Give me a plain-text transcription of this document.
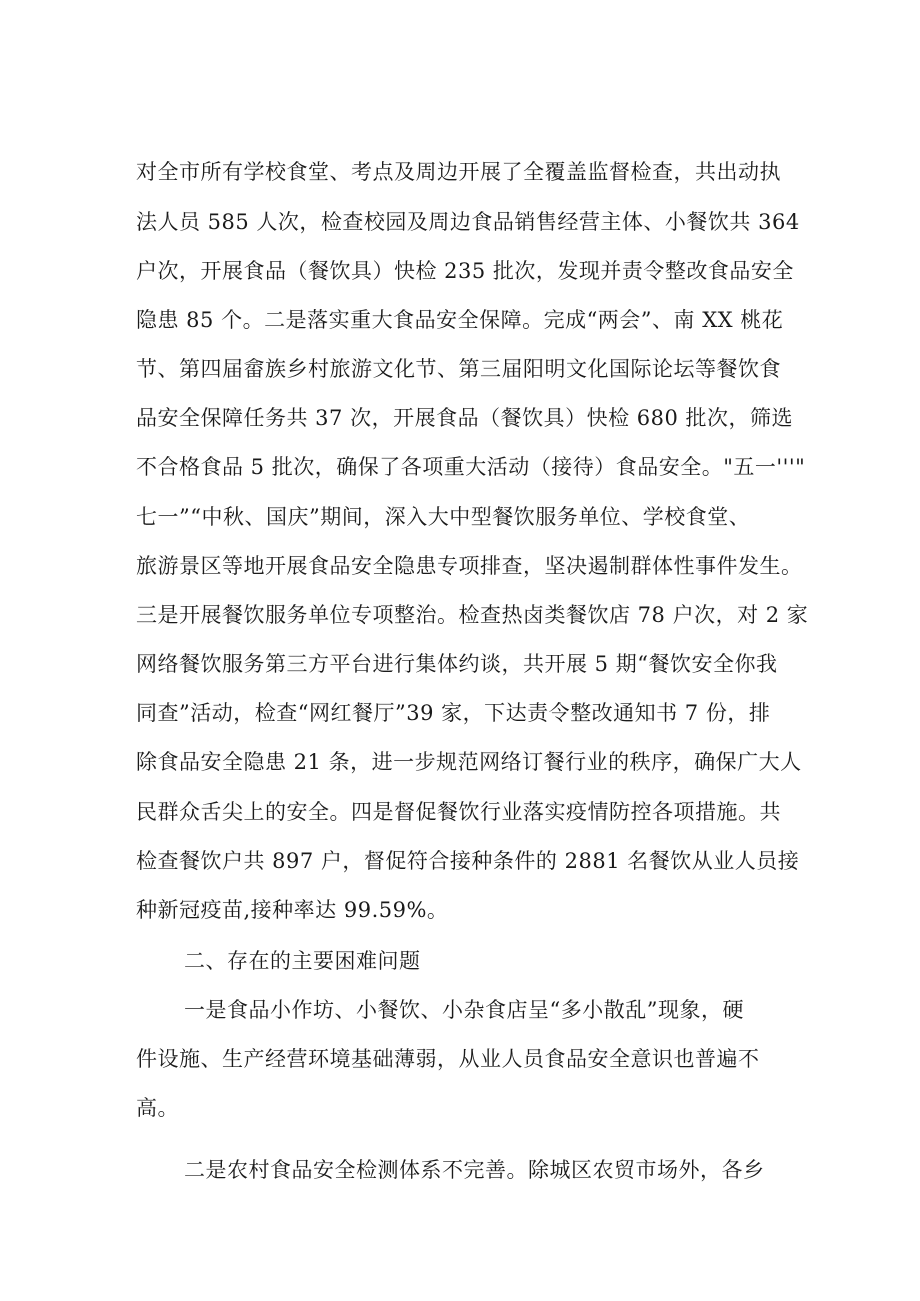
对全市所有学校食堂、考点及周边开展了全覆盖监督检查，共出动执
法人员 585 人次，检查校园及周边食品销售经营主体、小餐饮共 364
户次，开展食品（餐饮具）快检 235 批次，发现并责令整改食品安全
隐患 85 个。二是落实重大食品安全保障。完成“两会”、南 XX 桃花
节、第四届畲族乡村旅游文化节、第三届阳明文化国际论坛等餐饮食
品安全保障任务共 37 次，开展食品（餐饮具）快检 680 批次，筛选
不合格食品 5 批次，确保了各项重大活动（接待）食品安全。"五一'''"
七一”“中秋、国庆”期间，深入大中型餐饮服务单位、学校食堂、
旅游景区等地开展食品安全隐患专项排查，坚决遏制群体性事件发生。
三是开展餐饮服务单位专项整治。检查热卤类餐饮店 78 户次，对 2 家
网络餐饮服务第三方平台进行集体约谈，共开展 5 期“餐饮安全你我
同查”活动，检查“网红餐厅”39 家，下达责令整改通知书 7 份，排
除食品安全隐患 21 条，进一步规范网络订餐行业的秩序，确保广大人
民群众舌尖上的安全。四是督促餐饮行业落实疫情防控各项措施。共
检查餐饮户共 897 户，督促符合接种条件的 2881 名餐饮从业人员接
种新冠疫苗,接种率达 99.59%。
二、存在的主要困难问题
一是食品小作坊、小餐饮、小杂食店呈“多小散乱”现象，硬
件设施、生产经营环境基础薄弱，从业人员食品安全意识也普遍不
高。
二是农村食品安全检测体系不完善。除城区农贸市场外，各乡
